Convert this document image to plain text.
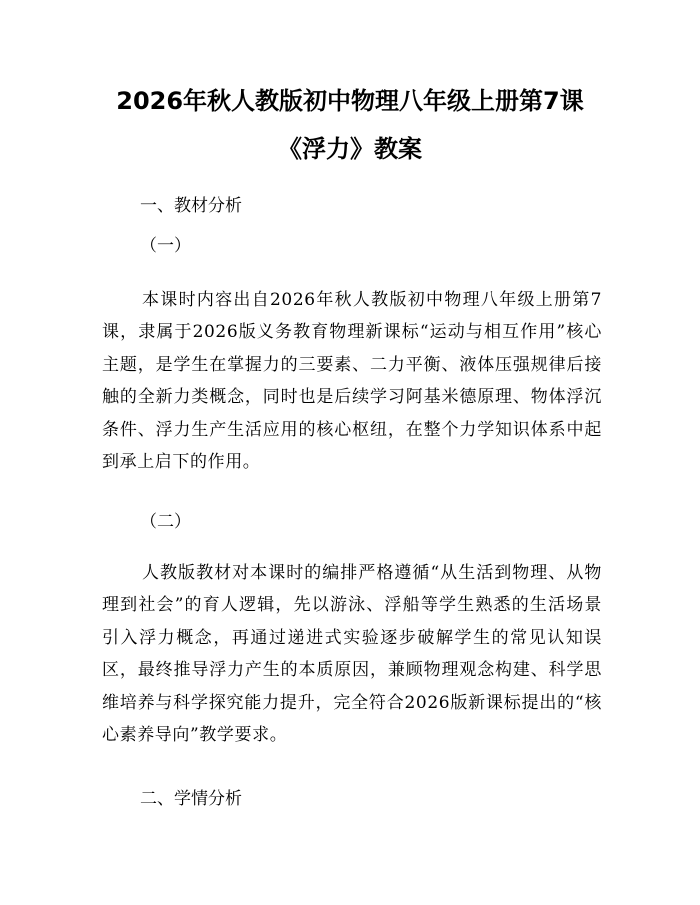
2026年秋人教版初中物理八年级上册第7课
《浮力》教案
一、教材分析
（一）
本课时内容出自2026年秋人教版初中物理八年级上册第7课，隶属于2026版义务教育物理新课标“运动与相互作用”核心主题，是学生在掌握力的三要素、二力平衡、液体压强规律后接触的全新力类概念，同时也是后续学习阿基米德原理、物体浮沉条件、浮力生产生活应用的核心枢纽，在整个力学知识体系中起到承上启下的作用。
（二）
人教版教材对本课时的编排严格遵循“从生活到物理、从物理到社会”的育人逻辑，先以游泳、浮船等学生熟悉的生活场景引入浮力概念，再通过递进式实验逐步破解学生的常见认知误区，最终推导浮力产生的本质原因，兼顾物理观念构建、科学思维培养与科学探究能力提升，完全符合2026版新课标提出的“核心素养导向”教学要求。
二、学情分析
